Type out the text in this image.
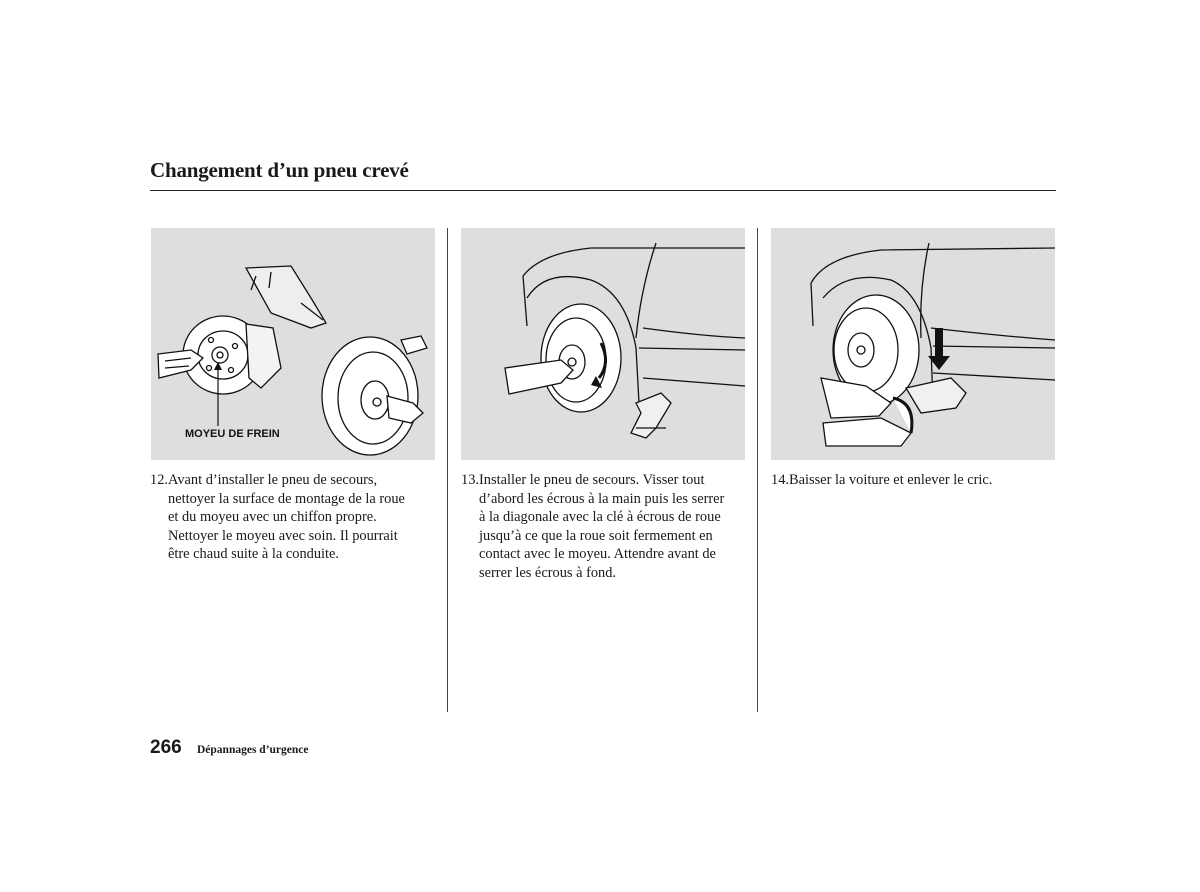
Changement d’un pneu crevé

MOYEU DE FREIN

12.Avant d’installer le pneu de secours,
nettoyer la surface de montage de la roue
et du moyeu avec un chiffon propre.
Nettoyer le moyeu avec soin. Il pourrait
être chaud suite à la conduite.
13.Installer le pneu de secours. Visser tout
d’abord les écrous à la main puis les serrer
à la diagonale avec la clé à écrous de roue
jusqu’à ce que la roue soit fermement en
contact avec le moyeu. Attendre avant de
serrer les écrous à fond.
14.Baisser la voiture et enlever le cric.

266 Dépannages d’urgence
